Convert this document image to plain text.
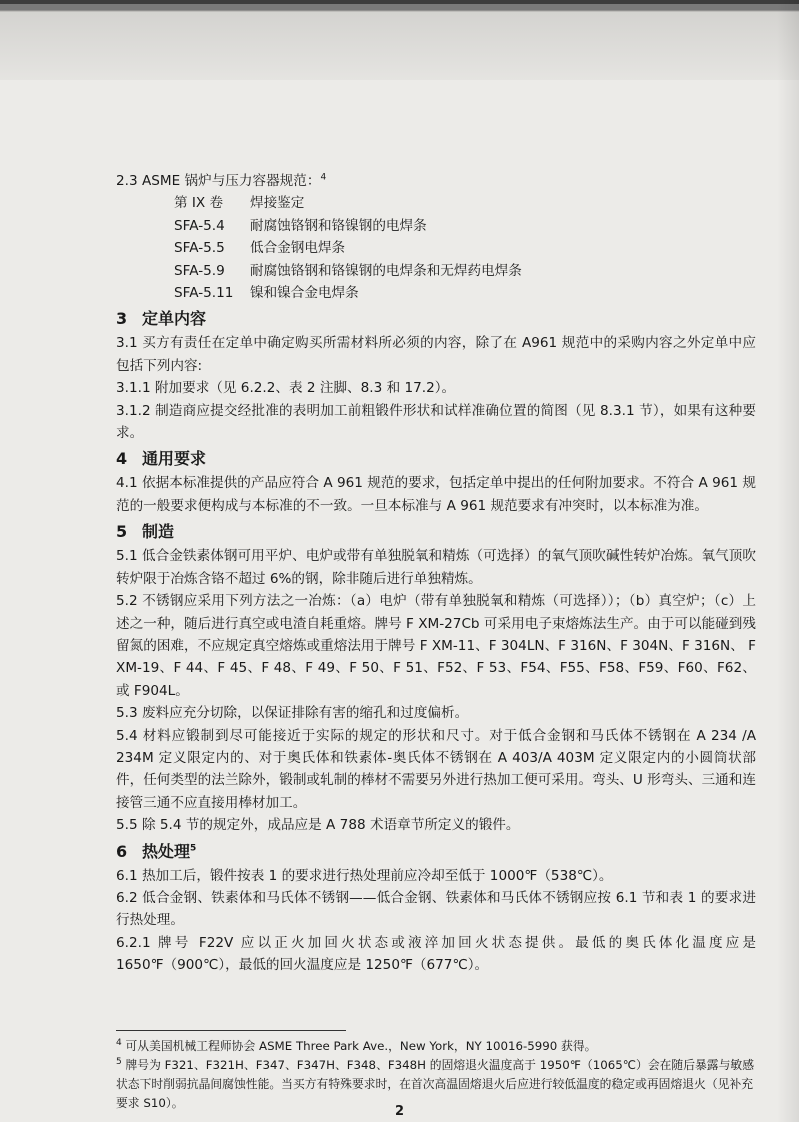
2.3 ASME 锅炉与压力容器规范：$^4$

第 IX 卷 焊接鉴定

SFA-5.4 耐腐蚀铬钢和铬镍钢的电焊条

SFA-5.5 低合金钢电焊条

SFA-5.9 耐腐蚀铬钢和铬镍钢的电焊条和无焊药电焊条

SFA-5.11 镍和镍合金电焊条

3 定单内容

3.1 买方有责任在定单中确定购买所需材料所必须的内容，除了在 A961 规范中的采购内容之外定单中应包括下列内容:

3.1.1 附加要求（见 6.2.2、表 2 注脚、8.3 和 17.2）。

3.1.2 制造商应提交经批准的表明加工前粗锻件形状和试样准确位置的简图（见 8.3.1 节），如果有这种要求。

4 通用要求

4.1 依据本标准提供的产品应符合 A 961 规范的要求，包括定单中提出的任何附加要求。不符合 A 961 规范的一般要求便构成与本标准的不一致。一旦本标准与 A 961 规范要求有冲突时，以本标准为准。

5 制造

5.1 低合金铁素体钢可用平炉、电炉或带有单独脱氧和精炼（可选择）的氧气顶吹碱性转炉冶炼。氧气顶吹转炉限于冶炼含铬不超过 6%的钢，除非随后进行单独精炼。

5.2 不锈钢应采用下列方法之一冶炼：（a）电炉（带有单独脱氧和精炼（可选择））；（b）真空炉；（c）上述之一种，随后进行真空或电渣自耗重熔。牌号 F XM-27Cb 可采用电子束熔炼法生产。由于可以能碰到残留氮的困难，不应规定真空熔炼或重熔法用于牌号 F XM-11、F 304LN、F 316N、F 304N、F 316N、 F XM-19、F 44、F 45、F 48、F 49、F 50、F 51、F52、F 53、F54、F55、F58、F59、F60、F62、或 F904L。

5.3 废料应充分切除，以保证排除有害的缩孔和过度偏析。

5.4 材料应锻制到尽可能接近于实际的规定的形状和尺寸。对于低合金钢和马氏体不锈钢在 A 234 /A 234M 定义限定内的、对于奥氏体和铁素体-奥氏体不锈钢在 A 403/A 403M 定义限定内的小圆筒状部件，任何类型的法兰除外，锻制或轧制的棒材不需要另外进行热加工便可采用。弯头、U 形弯头、三通和连接管三通不应直接用棒材加工。

5.5 除 5.4 节的规定外，成品应是 A 788 术语章节所定义的锻件。

6 热处理$^5$

6.1 热加工后，锻件按表 1 的要求进行热处理前应冷却至低于 1000℉（538℃）。

6.2 低合金钢、铁素体和马氏体不锈钢——低合金钢、铁素体和马氏体不锈钢应按 6.1 节和表 1 的要求进行热处理。

6.2.1 牌号 F22V 应以正火加回火状态或液淬加回火状态提供。最低的奥氏体化温度应是 1650℉（900℃），最低的回火温度应是 1250℉（677℃）。

$^4$ 可从美国机械工程师协会 ASME Three Park Ave.，New York，NY 10016-5990 获得。

$^5$ 牌号为 F321、F321H、F347、F347H、F348、F348H 的固熔退火温度高于 1950℉（1065℃）会在随后暴露与敏感状态下时削弱抗晶间腐蚀性能。当买方有特殊要求时，在首次高温固熔退火后应进行较低温度的稳定或再固熔退火（见补充要求 S10）。

2
